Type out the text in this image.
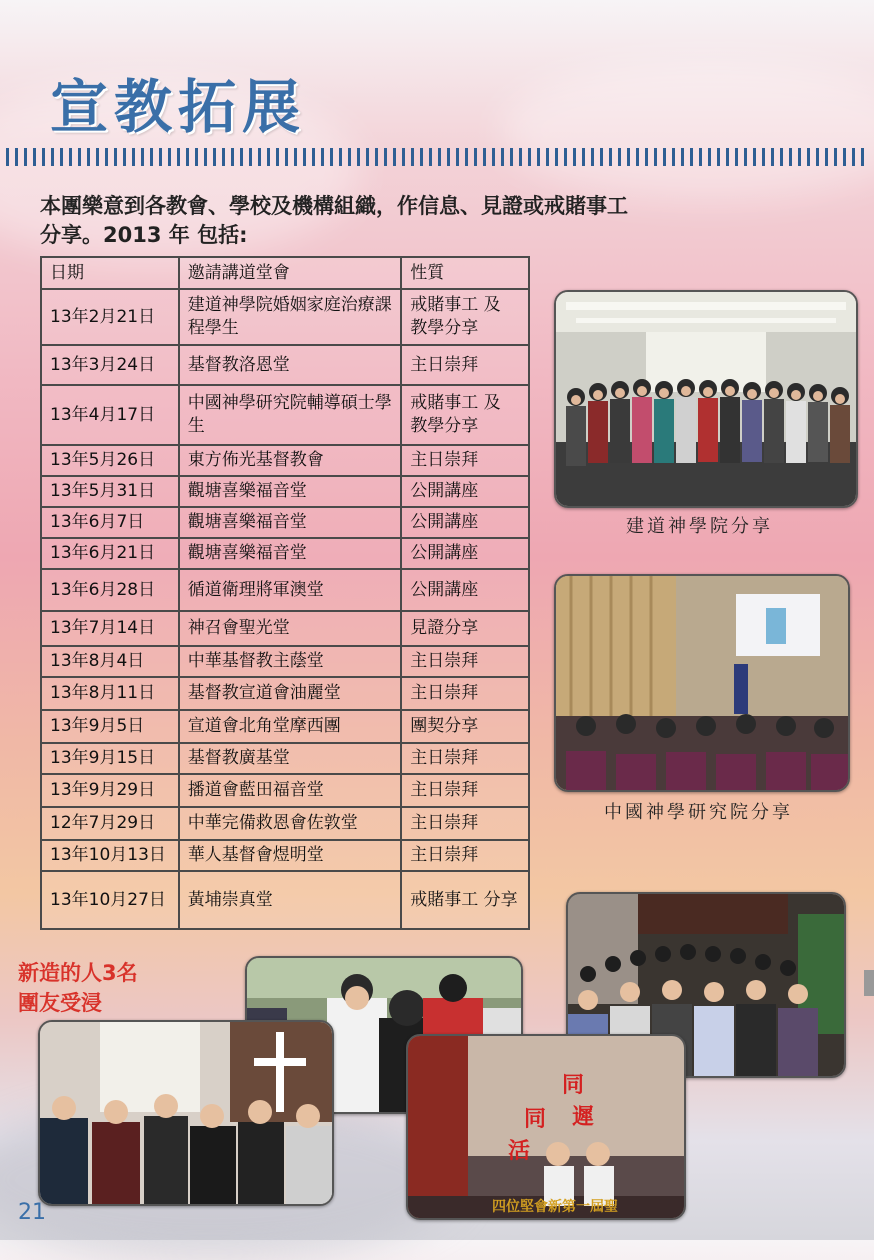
宣教拓展
本團樂意到各教會、學校及機構組織，作信息、見證或戒賭事工
分享。2013 年 包括:
日期	邀請講道堂會	性質
13年2月21日	建道神學院婚姻家庭治療課程學生	戒賭事工 及 教學分享
13年3月24日	基督教洛恩堂	主日崇拜
13年4月17日	中國神學研究院輔導碩士學生	戒賭事工 及 教學分享
13年5月26日	東方佈光基督教會	主日崇拜
13年5月31日	觀塘喜樂福音堂	公開講座
13年6月7日	觀塘喜樂福音堂	公開講座
13年6月21日	觀塘喜樂福音堂	公開講座
13年6月28日	循道衛理將軍澳堂	公開講座
13年7月14日	神召會聖光堂	見證分享
13年8月4日	中華基督教主蔭堂	主日崇拜
13年8月11日	基督教宣道會油麗堂	主日崇拜
13年9月5日	宣道會北角堂摩西團	團契分享
13年9月15日	基督教廣基堂	主日崇拜
13年9月29日	播道會藍田福音堂	主日崇拜
12年7月29日	中華完備救恩會佐敦堂	主日崇拜
13年10月13日	華人基督會煜明堂	主日崇拜
13年10月27日	黃埔崇真堂	戒賭事工 分享
建道神學院分享
中國神學研究院分享
新造的人3名
團友受浸
同
遲
同
活
四位堅會新第一屆聖
21
